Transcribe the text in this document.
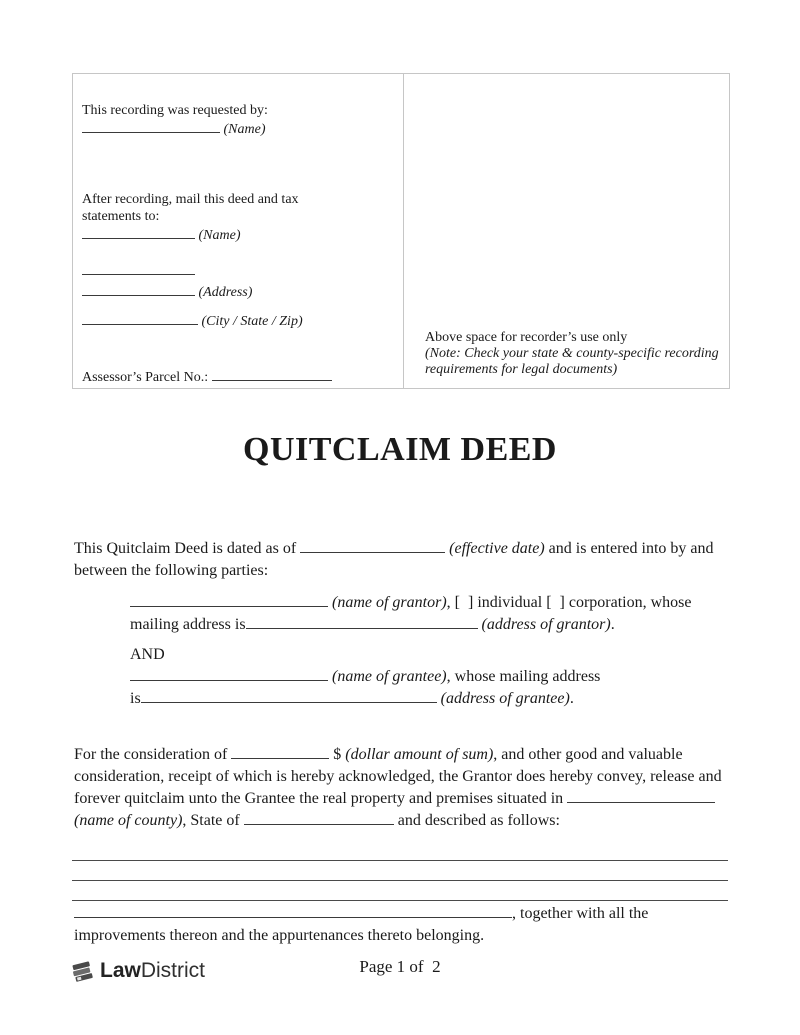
This recording was requested by:
(Name)
After recording, mail this deed and tax
statements to:
(Name)
(Address)
(City / State / Zip)
Assessor’s Parcel No.:
Above space for recorder’s use only
(Note: Check your state & county-specific recording
requirements for legal documents)
QUITCLAIM DEED
This Quitclaim Deed is dated as of	(effective date) and is entered into by and
between the following parties:
(name of grantor), [  ] individual [  ] corporation, whose
mailing address is	(address of grantor).
AND
(name of grantee), whose mailing address
is	(address of grantee).
For the consideration of	$ (dollar amount of sum), and other good and valuable
consideration, receipt of which is hereby acknowledged, the Grantor does hereby convey, release and
forever quitclaim unto the Grantee the real property and premises situated in
(name of county), State of	and described as follows:
, together with all the
improvements thereon and the appurtenances thereto belonging.
Law District	Page 1 of  2
